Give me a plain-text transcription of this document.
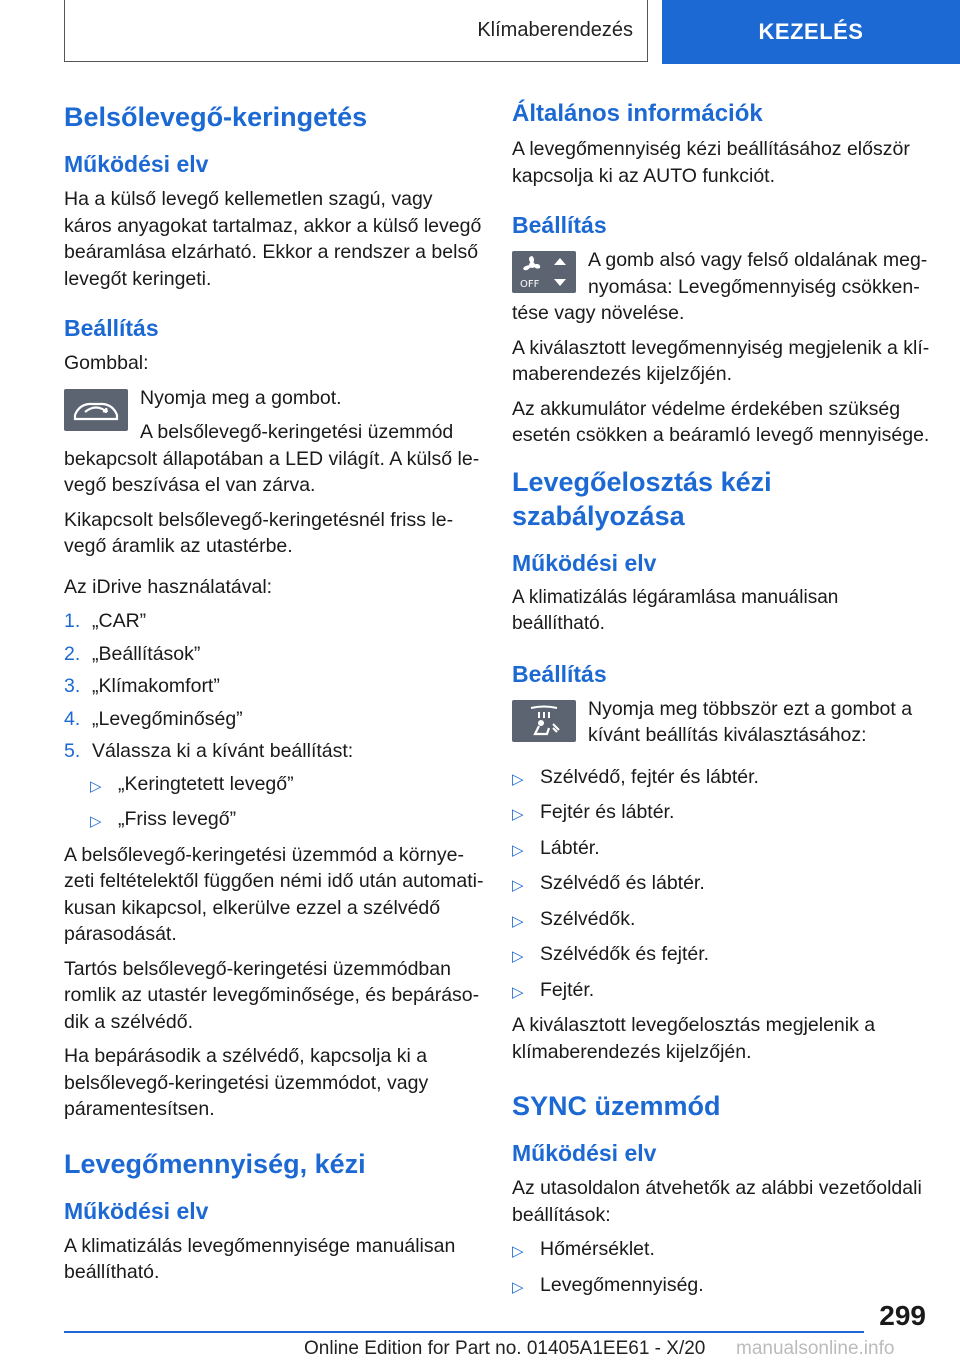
Klímaberendezés	KEZELÉS
Belsőlevegő-keringetés
Működési elv

Ha a külső levegő kellemetlen szagú, vagy káros anyagokat tartalmaz, akkor a külső levegő beáramlása elzárható. Ekkor a rendszer a belső levegőt keringeti.

Beállítás

Gombbal:

Nyomja meg a gombot.

A belsőlevegő-keringetési üzemmód bekapcsolt állapotában a LED világít. A külső levegő beszívása el van zárva.

Kikapcsolt belsőlevegő-keringetésnél friss levegő áramlik az utastérbe.

Az iDrive használatával:

1. „CAR”
2. „Beállítások”
3. „Klímakomfort”
4. „Levegőminőség”
5. Válassza ki a kívánt beállítást:
▷ „Keringtetett levegő”
▷ „Friss levegő”

A belsőlevegő-keringetési üzemmód a környezeti feltételektől függően némi idő után automatikusan kikapcsol, elkerülve ezzel a szélvédő párasodását.

Tartós belsőlevegő-keringetési üzemmódban romlik az utastér levegőminősége, és bepárásodik a szélvédő.

Ha bepárásodik a szélvédő, kapcsolja ki a belsőlevegő-keringetési üzemmódot, vagy páramentesítsen.

Levegőmennyiség, kézi
Működési elv

A klimatizálás levegőmennyisége manuálisan beállítható.

Általános információk

A levegőmennyiség kézi beállításához először kapcsolja ki az AUTO funkciót.

Beállítás
OFF

A gomb alsó vagy felső oldalának megnyomása: Levegőmennyiség csökkentése vagy növelése.

A kiválasztott levegőmennyiség megjelenik a klímaberendezés kijelzőjén.

Az akkumulátor védelme érdekében szükség esetén csökken a beáramló levegő mennyisége.

Levegőelosztás kézi szabályozása
Működési elv

A klimatizálás légáramlása manuálisan beállítható.

Beállítás

Nyomja meg többször ezt a gombot a kívánt beállítás kiválasztásához:

▷ Szélvédő, fejtér és lábtér.
▷ Fejtér és lábtér.
▷ Lábtér.
▷ Szélvédő és lábtér.
▷ Szélvédők.
▷ Szélvédők és fejtér.
▷ Fejtér.

A kiválasztott levegőelosztás megjelenik a klímaberendezés kijelzőjén.

SYNC üzemmód
Működési elv

Az utasoldalon átvehetők az alábbi vezetőoldali beállítások:

▷ Hőmérséklet.
▷ Levegőmennyiség.
299
Online Edition for Part no. 01405A1EE61 - X/20 manualsonline.info
